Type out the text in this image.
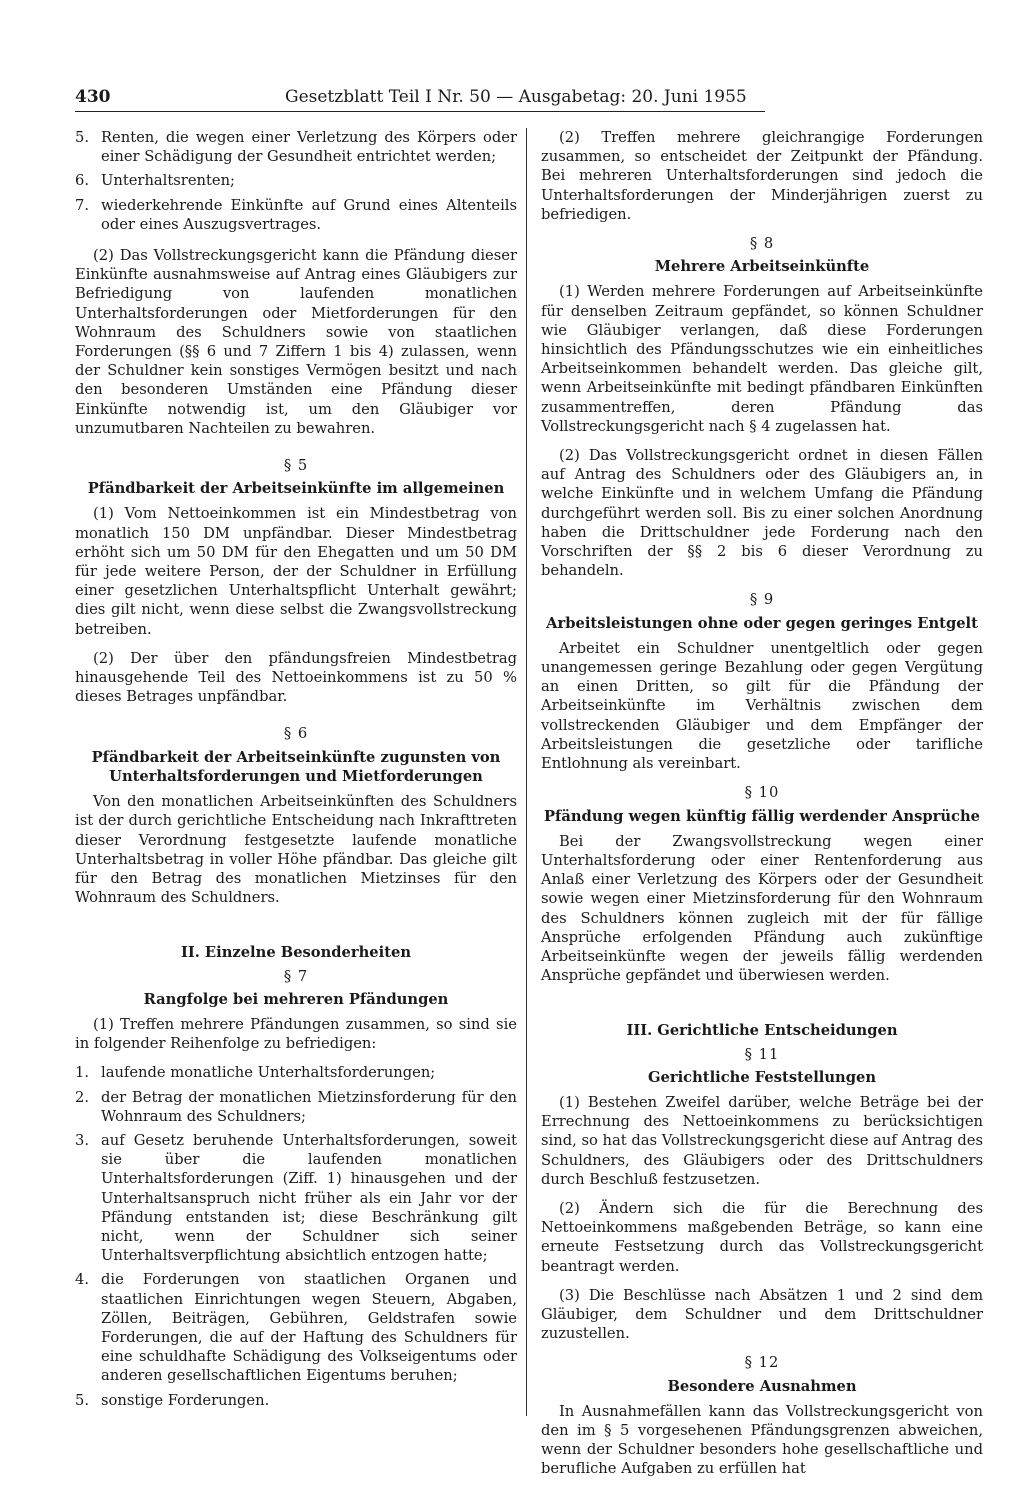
430	Gesetzblatt Teil I Nr. 50 — Ausgabetag: 20. Juni 1955
5. Renten, die wegen einer Verletzung des Körpers oder einer Schädigung der Gesundheit entrichtet werden;
6. Unterhaltsrenten;
7. wiederkehrende Einkünfte auf Grund eines Altenteils oder eines Auszugsvertrages.

(2) Das Vollstreckungsgericht kann die Pfändung dieser Einkünfte ausnahmsweise auf Antrag eines Gläubigers zur Befriedigung von laufenden monatlichen Unterhaltsforderungen oder Mietforderungen für den Wohnraum des Schuldners sowie von staatlichen Forderungen (§§ 6 und 7 Ziffern 1 bis 4) zulassen, wenn der Schuldner kein sonstiges Vermögen besitzt und nach den besonderen Umständen eine Pfändung dieser Einkünfte notwendig ist, um den Gläubiger vor unzumutbaren Nachteilen zu bewahren.

§ 5
Pfändbarkeit der Arbeitseinkünfte im allgemeinen

(1) Vom Nettoeinkommen ist ein Mindestbetrag von monatlich 150 DM unpfändbar. Dieser Mindestbetrag erhöht sich um 50 DM für den Ehegatten und um 50 DM für jede weitere Person, der der Schuldner in Erfüllung einer gesetzlichen Unterhaltspflicht Unterhalt gewährt; dies gilt nicht, wenn diese selbst die Zwangsvollstreckung betreiben.

(2) Der über den pfändungsfreien Mindestbetrag hinausgehende Teil des Nettoeinkommens ist zu 50 % dieses Betrages unpfändbar.

§ 6
Pfändbarkeit der Arbeitseinkünfte zugunsten von Unterhaltsforderungen und Mietforderungen

Von den monatlichen Arbeitseinkünften des Schuldners ist der durch gerichtliche Entscheidung nach Inkrafttreten dieser Verordnung festgesetzte laufende monatliche Unterhaltsbetrag in voller Höhe pfändbar. Das gleiche gilt für den Betrag des monatlichen Mietzinses für den Wohnraum des Schuldners.

II. Einzelne Besonderheiten
§ 7
Rangfolge bei mehreren Pfändungen

(1) Treffen mehrere Pfändungen zusammen, so sind sie in folgender Reihenfolge zu befriedigen:

1. laufende monatliche Unterhaltsforderungen;
2. der Betrag der monatlichen Mietzinsforderung für den Wohnraum des Schuldners;
3. auf Gesetz beruhende Unterhaltsforderungen, soweit sie über die laufenden monatlichen Unterhaltsforderungen (Ziff. 1) hinausgehen und der Unterhaltsanspruch nicht früher als ein Jahr vor der Pfändung entstanden ist; diese Beschränkung gilt nicht, wenn der Schuldner sich seiner Unterhaltsverpflichtung absichtlich entzogen hatte;
4. die Forderungen von staatlichen Organen und staatlichen Einrichtungen wegen Steuern, Abgaben, Zöllen, Beiträgen, Gebühren, Geldstrafen sowie Forderungen, die auf der Haftung des Schuldners für eine schuldhafte Schädigung des Volkseigentums oder anderen gesellschaftlichen Eigentums beruhen;
5. sonstige Forderungen.

(2) Treffen mehrere gleichrangige Forderungen zusammen, so entscheidet der Zeitpunkt der Pfändung. Bei mehreren Unterhaltsforderungen sind jedoch die Unterhaltsforderungen der Minderjährigen zuerst zu befriedigen.

§ 8
Mehrere Arbeitseinkünfte

(1) Werden mehrere Forderungen auf Arbeitseinkünfte für denselben Zeitraum gepfändet, so können Schuldner wie Gläubiger verlangen, daß diese Forderungen hinsichtlich des Pfändungsschutzes wie ein einheitliches Arbeitseinkommen behandelt werden. Das gleiche gilt, wenn Arbeitseinkünfte mit bedingt pfändbaren Einkünften zusammentreffen, deren Pfändung das Vollstreckungsgericht nach § 4 zugelassen hat.

(2) Das Vollstreckungsgericht ordnet in diesen Fällen auf Antrag des Schuldners oder des Gläubigers an, in welche Einkünfte und in welchem Umfang die Pfändung durchgeführt werden soll. Bis zu einer solchen Anordnung haben die Drittschuldner jede Forderung nach den Vorschriften der §§ 2 bis 6 dieser Verordnung zu behandeln.

§ 9
Arbeitsleistungen ohne oder gegen geringes Entgelt

Arbeitet ein Schuldner unentgeltlich oder gegen unangemessen geringe Bezahlung oder gegen Vergütung an einen Dritten, so gilt für die Pfändung der Arbeitseinkünfte im Verhältnis zwischen dem vollstreckenden Gläubiger und dem Empfänger der Arbeitsleistungen die gesetzliche oder tarifliche Entlohnung als vereinbart.

§ 10
Pfändung wegen künftig fällig werdender Ansprüche

Bei der Zwangsvollstreckung wegen einer Unterhaltsforderung oder einer Rentenforderung aus Anlaß einer Verletzung des Körpers oder der Gesundheit sowie wegen einer Mietzinsforderung für den Wohnraum des Schuldners können zugleich mit der für fällige Ansprüche erfolgenden Pfändung auch zukünftige Arbeitseinkünfte wegen der jeweils fällig werdenden Ansprüche gepfändet und überwiesen werden.

III. Gerichtliche Entscheidungen
§ 11
Gerichtliche Feststellungen

(1) Bestehen Zweifel darüber, welche Beträge bei der Errechnung des Nettoeinkommens zu berücksichtigen sind, so hat das Vollstreckungsgericht diese auf Antrag des Schuldners, des Gläubigers oder des Drittschuldners durch Beschluß festzusetzen.

(2) Ändern sich die für die Berechnung des Nettoeinkommens maßgebenden Beträge, so kann eine erneute Festsetzung durch das Vollstreckungsgericht beantragt werden.

(3) Die Beschlüsse nach Absätzen 1 und 2 sind dem Gläubiger, dem Schuldner und dem Drittschuldner zuzustellen.

§ 12
Besondere Ausnahmen

In Ausnahmefällen kann das Vollstreckungsgericht von den im § 5 vorgesehenen Pfändungsgrenzen abweichen, wenn der Schuldner besonders hohe gesellschaftliche und berufliche Aufgaben zu erfüllen hat
